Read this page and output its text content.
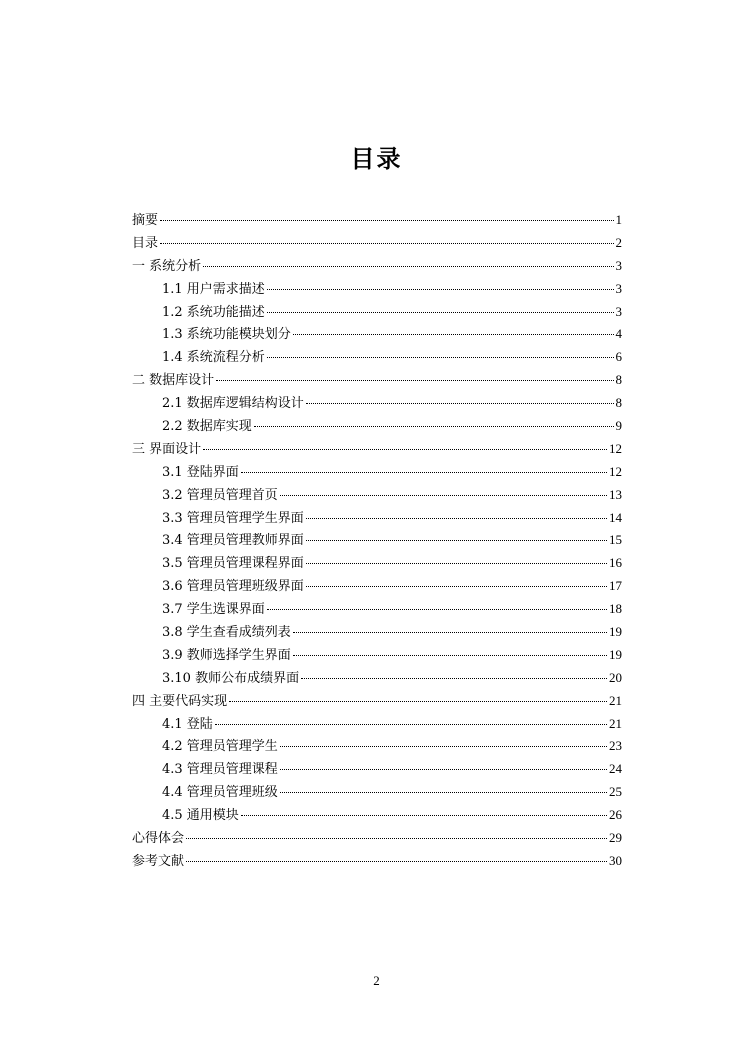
目录
摘要	1
目录	2
一 系统分析	3
1.1 用户需求描述	3
1.2 系统功能描述	3
1.3 系统功能模块划分	4
1.4 系统流程分析	6
二 数据库设计	8
2.1 数据库逻辑结构设计	8
2.2 数据库实现	9
三 界面设计	12
3.1 登陆界面	12
3.2 管理员管理首页	13
3.3 管理员管理学生界面	14
3.4 管理员管理教师界面	15
3.5 管理员管理课程界面	16
3.6 管理员管理班级界面	17
3.7 学生选课界面	18
3.8 学生查看成绩列表	19
3.9 教师选择学生界面	19
3.10 教师公布成绩界面	20
四 主要代码实现	21
4.1 登陆	21
4.2 管理员管理学生	23
4.3 管理员管理课程	24
4.4 管理员管理班级	25
4.5 通用模块	26
心得体会	29
参考文献	30
2
